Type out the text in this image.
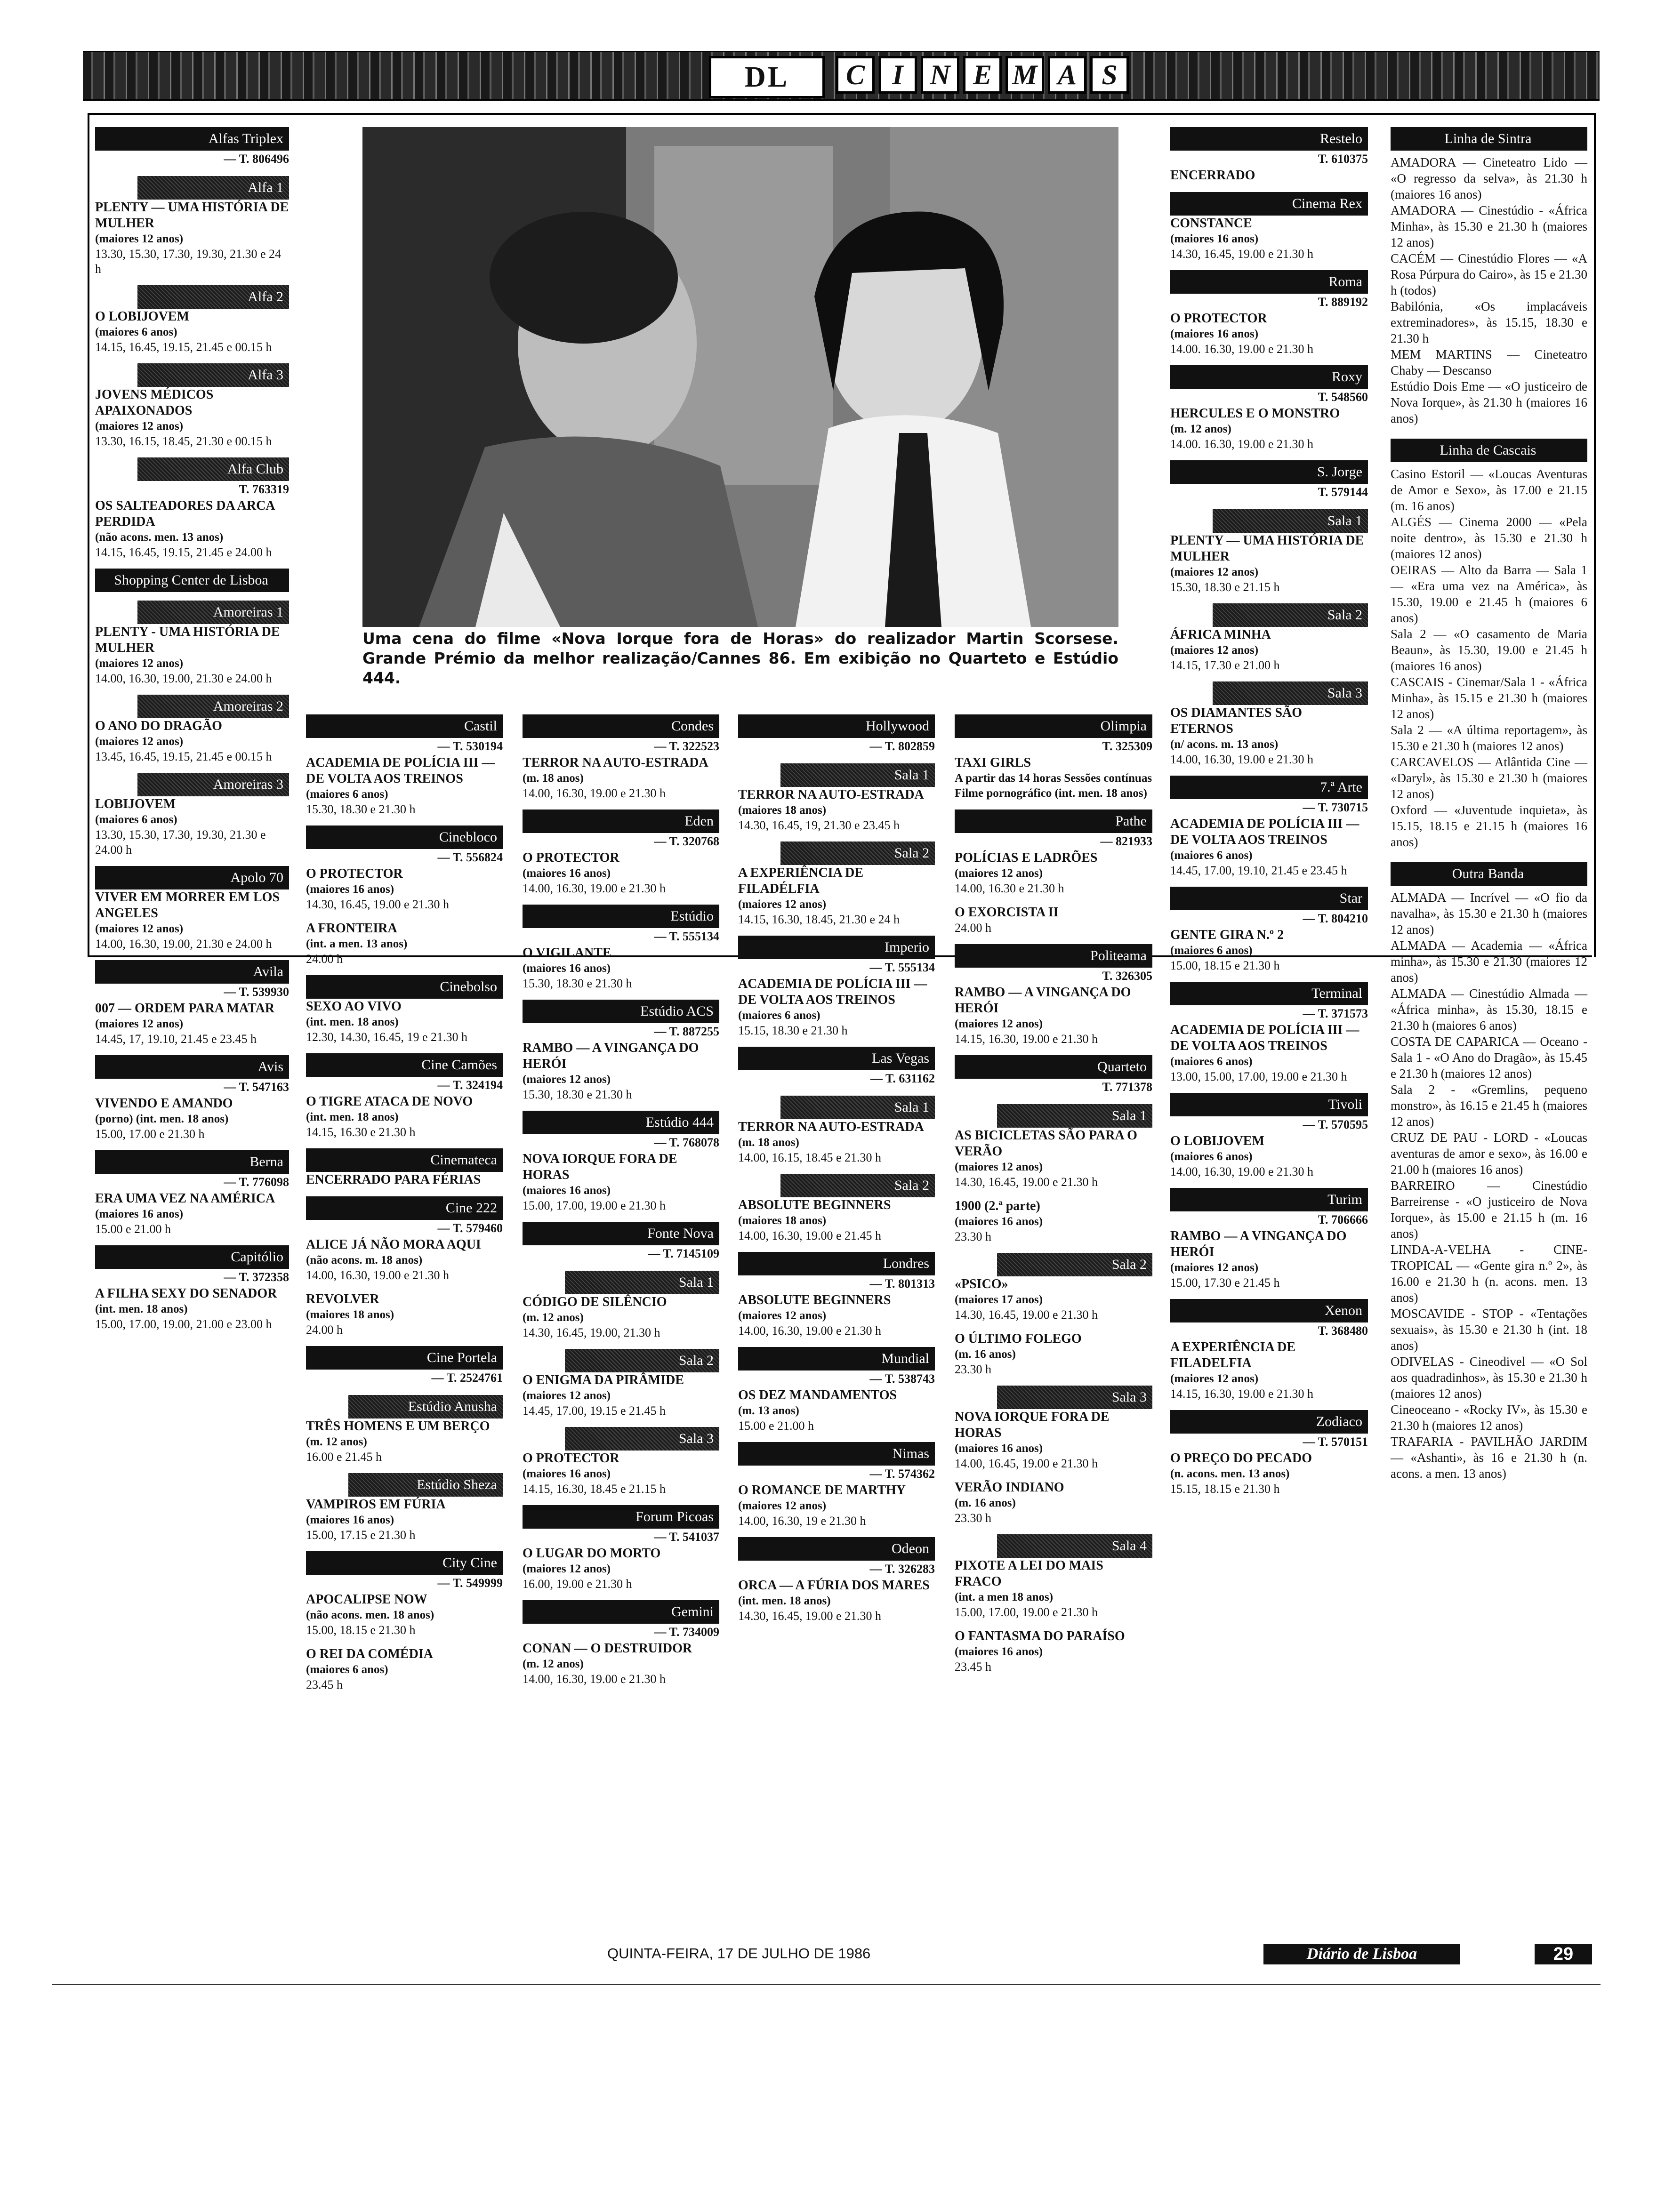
DL	C I N E M A S
Uma cena do filme «Nova Iorque fora de Horas» do realizador Martin Scorsese. Grande Prémio da melhor realização/Cannes 86. Em exibição no Quarteto e Estúdio 444.
Alfas Triplex
— T. 806496
Alfa 1
PLENTY — UMA HISTÓRIA DE MULHER
(maiores 12 anos)
13.30, 15.30, 17.30, 19.30, 21.30 e 24 h
Alfa 2
O LOBIJOVEM
(maiores 6 anos)
14.15, 16.45, 19.15, 21.45 e 00.15 h
Alfa 3
JOVENS MÉDICOS APAIXONADOS
(maiores 12 anos)
13.30, 16.15, 18.45, 21.30 e 00.15 h
Alfa Club
T. 763319
OS SALTEADORES DA ARCA PERDIDA
(não acons. men. 13 anos)
14.15, 16.45, 19.15, 21.45 e 24.00 h
Shopping Center de Lisboa
Amoreiras 1
PLENTY - UMA HISTÓRIA DE MULHER
(maiores 12 anos)
14.00, 16.30, 19.00, 21.30 e 24.00 h
Amoreiras 2
O ANO DO DRAGÃO
(maiores 12 anos)
13.45, 16.45, 19.15, 21.45 e 00.15 h
Amoreiras 3
LOBIJOVEM
(maiores 6 anos)
13.30, 15.30, 17.30, 19.30, 21.30 e 24.00 h
Apolo 70
VIVER EM MORRER EM LOS ANGELES
(maiores 12 anos)
14.00, 16.30, 19.00, 21.30 e 24.00 h
Avila
— T. 539930
007 — ORDEM PARA MATAR
(maiores 12 anos)
14.45, 17, 19.10, 21.45 e 23.45 h
Avis
— T. 547163
VIVENDO E AMANDO
(porno) (int. men. 18 anos)
15.00, 17.00 e 21.30 h
Berna
— T. 776098
ERA UMA VEZ NA AMÉRICA
(maiores 16 anos)
15.00 e 21.00 h
Capitólio
— T. 372358
A FILHA SEXY DO SENADOR
(int. men. 18 anos)
15.00, 17.00, 19.00, 21.00 e 23.00 h
Castil
— T. 530194
ACADEMIA DE POLÍCIA III — DE VOLTA AOS TREINOS
(maiores 6 anos)
15.30, 18.30 e 21.30 h
Cinebloco
— T. 556824
O PROTECTOR
(maiores 16 anos)
14.30, 16.45, 19.00 e 21.30 h
A FRONTEIRA
(int. a men. 13 anos)
24.00 h
Cinebolso
SEXO AO VIVO
(int. men. 18 anos)
12.30, 14.30, 16.45, 19 e 21.30 h
Cine Camões
— T. 324194
O TIGRE ATACA DE NOVO
(int. men. 18 anos)
14.15, 16.30 e 21.30 h
Cinemateca
ENCERRADO PARA FÉRIAS
Cine 222
— T. 579460
ALICE JÁ NÃO MORA AQUI
(não acons. m. 18 anos)
14.00, 16.30, 19.00 e 21.30 h
REVOLVER
(maiores 18 anos)
24.00 h
Cine Portela
— T. 2524761
Estúdio Anusha
TRÊS HOMENS E UM BERÇO
(m. 12 anos)
16.00 e 21.45 h
Estúdio Sheza
VAMPIROS EM FÚRIA
(maiores 16 anos)
15.00, 17.15 e 21.30 h
City Cine
— T. 549999
APOCALIPSE NOW
(não acons. men. 18 anos)
15.00, 18.15 e 21.30 h
O REI DA COMÉDIA
(maiores 6 anos)
23.45 h
Condes
— T. 322523
TERROR NA AUTO-ESTRADA
(m. 18 anos)
14.00, 16.30, 19.00 e 21.30 h
Eden
— T. 320768
O PROTECTOR
(maiores 16 anos)
14.00, 16.30, 19.00 e 21.30 h
Estúdio
— T. 555134
O VIGILANTE
(maiores 16 anos)
15.30, 18.30 e 21.30 h
Estúdio ACS
— T. 887255
RAMBO — A VINGANÇA DO HERÓI
(maiores 12 anos)
15.30, 18.30 e 21.30 h
Estúdio 444
— T. 768078
NOVA IORQUE FORA DE HORAS
(maiores 16 anos)
15.00, 17.00, 19.00 e 21.30 h
Fonte Nova
— T. 7145109
Sala 1
CÓDIGO DE SILÊNCIO
(m. 12 anos)
14.30, 16.45, 19.00, 21.30 h
Sala 2
O ENIGMA DA PIRÂMIDE
(maiores 12 anos)
14.45, 17.00, 19.15 e 21.45 h
Sala 3
O PROTECTOR
(maiores 16 anos)
14.15, 16.30, 18.45 e 21.15 h
Forum Picoas
— T. 541037
O LUGAR DO MORTO
(maiores 12 anos)
16.00, 19.00 e 21.30 h
Gemini
— T. 734009
CONAN — O DESTRUIDOR
(m. 12 anos)
14.00, 16.30, 19.00 e 21.30 h
Hollywood
— T. 802859
Sala 1
TERROR NA AUTO-ESTRADA
(maiores 18 anos)
14.30, 16.45, 19, 21.30 e 23.45 h
Sala 2
A EXPERIÊNCIA DE FILADÉLFIA
(maiores 12 anos)
14.15, 16.30, 18.45, 21.30 e 24 h
Imperio
— T. 555134
ACADEMIA DE POLÍCIA III — DE VOLTA AOS TREINOS
(maiores 6 anos)
15.15, 18.30 e 21.30 h
Las Vegas
— T. 631162
Sala 1
TERROR NA AUTO-ESTRADA
(m. 18 anos)
14.00, 16.15, 18.45 e 21.30 h
Sala 2
ABSOLUTE BEGINNERS
(maiores 18 anos)
14.00, 16.30, 19.00 e 21.45 h
Londres
— T. 801313
ABSOLUTE BEGINNERS
(maiores 12 anos)
14.00, 16.30, 19.00 e 21.30 h
Mundial
— T. 538743
OS DEZ MANDAMENTOS
(m. 13 anos)
15.00 e 21.00 h
Nimas
— T. 574362
O ROMANCE DE MARTHY
(maiores 12 anos)
14.00, 16.30, 19 e 21.30 h
Odeon
— T. 326283
ORCA — A FÚRIA DOS MARES
(int. men. 18 anos)
14.30, 16.45, 19.00 e 21.30 h
Olimpia
T. 325309
TAXI GIRLS
A partir das 14 horas Sessões contínuas Filme pornográfico (int. men. 18 anos)
Pathe
— 821933
POLÍCIAS E LADRÕES
(maiores 12 anos)
14.00, 16.30 e 21.30 h
O EXORCISTA II
24.00 h
Politeama
T. 326305
RAMBO — A VINGANÇA DO HERÓI
(maiores 12 anos)
14.15, 16.30, 19.00 e 21.30 h
Quarteto
T. 771378
Sala 1
AS BICICLETAS SÃO PARA O VERÃO
(maiores 12 anos)
14.30, 16.45, 19.00 e 21.30 h
1900 (2.ª parte)
(maiores 16 anos)
23.30 h
Sala 2
«PSICO»
(maiores 17 anos)
14.30, 16.45, 19.00 e 21.30 h
O ÚLTIMO FOLEGO
(m. 16 anos)
23.30 h
Sala 3
NOVA IORQUE FORA DE HORAS
(maiores 16 anos)
14.00, 16.45, 19.00 e 21.30 h
VERÃO INDIANO
(m. 16 anos)
23.30 h
Sala 4
PIXOTE A LEI DO MAIS FRACO
(int. a men 18 anos)
15.00, 17.00, 19.00 e 21.30 h
O FANTASMA DO PARAÍSO
(maiores 16 anos)
23.45 h
Restelo
T. 610375
ENCERRADO
Cinema Rex
CONSTANCE
(maiores 16 anos)
14.30, 16.45, 19.00 e 21.30 h
Roma
T. 889192
O PROTECTOR
(maiores 16 anos)
14.00. 16.30, 19.00 e 21.30 h
Roxy
T. 548560
HERCULES E O MONSTRO
(m. 12 anos)
14.00. 16.30, 19.00 e 21.30 h
S. Jorge
T. 579144
Sala 1
PLENTY — UMA HISTÓRIA DE MULHER
(maiores 12 anos)
15.30, 18.30 e 21.15 h
Sala 2
ÁFRICA MINHA
(maiores 12 anos)
14.15, 17.30 e 21.00 h
Sala 3
OS DIAMANTES SÃO ETERNOS
(n/ acons. m. 13 anos)
14.00, 16.30, 19.00 e 21.30 h
7.ª Arte
— T. 730715
ACADEMIA DE POLÍCIA III — DE VOLTA AOS TREINOS
(maiores 6 anos)
14.45, 17.00, 19.10, 21.45 e 23.45 h
Star
— T. 804210
GENTE GIRA N.º 2
(maiores 6 anos)
15.00, 18.15 e 21.30 h
Terminal
— T. 371573
ACADEMIA DE POLÍCIA III — DE VOLTA AOS TREINOS
(maiores 6 anos)
13.00, 15.00, 17.00, 19.00 e 21.30 h
Tivoli
— T. 570595
O LOBIJOVEM
(maiores 6 anos)
14.00, 16.30, 19.00 e 21.30 h
Turim
T. 706666
RAMBO — A VINGANÇA DO HERÓI
(maiores 12 anos)
15.00, 17.30 e 21.45 h
Xenon
T. 368480
A EXPERIÊNCIA DE FILADELFIA
(maiores 12 anos)
14.15, 16.30, 19.00 e 21.30 h
Zodiaco
— T. 570151
O PREÇO DO PECADO
(n. acons. men. 13 anos)
15.15, 18.15 e 21.30 h
Linha de Sintra
AMADORA — Cineteatro Lido — «O regresso da selva», às 21.30 h (maiores 16 anos)
AMADORA — Cinestúdio - «África Minha», às 15.30 e 21.30 h (maiores 12 anos)
CACÉM — Cinestúdio Flores — «A Rosa Púrpura do Cairo», às 15 e 21.30 h (todos)
Babilónia, «Os implacáveis extreminadores», às 15.15, 18.30 e 21.30 h
MEM MARTINS — Cineteatro Chaby — Descanso
Estúdio Dois Eme — «O justiceiro de Nova Iorque», às 21.30 h (maiores 16 anos)
Linha de Cascais
Casino Estoril — «Loucas Aventuras de Amor e Sexo», às 17.00 e 21.15 (m. 16 anos)
ALGÉS — Cinema 2000 — «Pela noite dentro», às 15.30 e 21.30 h (maiores 12 anos)
OEIRAS — Alto da Barra — Sala 1 — «Era uma vez na América», às 15.30, 19.00 e 21.45 h (maiores 6 anos)
Sala 2 — «O casamento de Maria Beaun», às 15.30, 19.00 e 21.45 h (maiores 16 anos)
CASCAIS - Cinemar/Sala 1 - «África Minha», às 15.15 e 21.30 h (maiores 12 anos)
Sala 2 — «A última reportagem», às 15.30 e 21.30 h (maiores 12 anos)
CARCAVELOS — Atlântida Cine — «Daryl», às 15.30 e 21.30 h (maiores 12 anos)
Oxford — «Juventude inquieta», às 15.15, 18.15 e 21.15 h (maiores 16 anos)
Outra Banda
ALMADA — Incrível — «O fio da navalha», às 15.30 e 21.30 h (maiores 12 anos)
ALMADA — Academia — «África minha», às 15.30 e 21.30 (maiores 12 anos)
ALMADA — Cinestúdio Almada — «África minha», às 15.30, 18.15 e 21.30 h (maiores 6 anos)
COSTA DE CAPARICA — Oceano - Sala 1 - «O Ano do Dragão», às 15.45 e 21.30 h (maiores 12 anos)
Sala 2 - «Gremlins, pequeno monstro», às 16.15 e 21.45 h (maiores 12 anos)
CRUZ DE PAU - LORD - «Loucas aventuras de amor e sexo», às 16.00 e 21.00 h (maiores 16 anos)
BARREIRO — Cinestúdio Barreirense - «O justiceiro de Nova Iorque», às 15.00 e 21.15 h (m. 16 anos)
LINDA-A-VELHA - CINE-TROPICAL — «Gente gira n.º 2», às 16.00 e 21.30 h (n. acons. men. 13 anos)
MOSCAVIDE - STOP - «Tentações sexuais», às 15.30 e 21.30 h (int. 18 anos)
ODIVELAS - Cineodivel — «O Sol aos quadradinhos», às 15.30 e 21.30 h (maiores 12 anos)
Cineoceano - «Rocky IV», às 15.30 e 21.30 h (maiores 12 anos)
TRAFARIA - PAVILHÃO JARDIM — «Ashanti», às 16 e 21.30 h (n. acons. a men. 13 anos)
QUINTA-FEIRA, 17 DE JULHO DE 1986	Diário de Lisboa	29
